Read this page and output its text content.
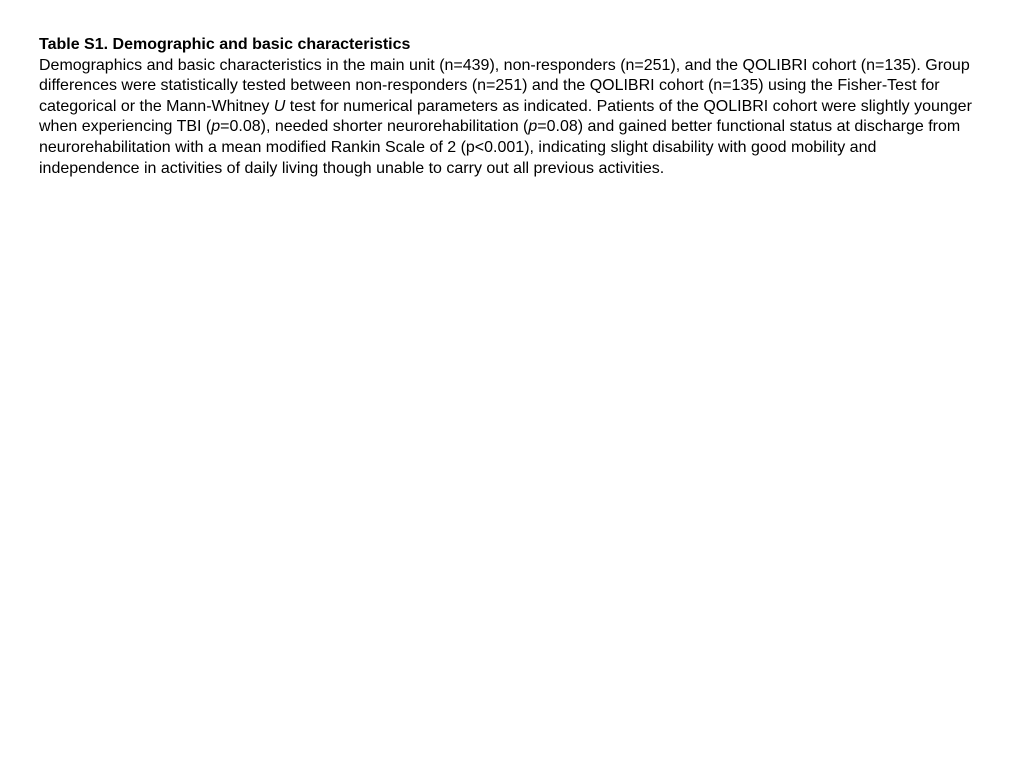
Table S1. Demographic and basic characteristics
Demographics and basic characteristics in the main unit (n=439), non-responders (n=251), and the QOLIBRI cohort (n=135). Group differences were statistically tested between non-responders (n=251) and the QOLIBRI cohort (n=135) using the Fisher-Test for categorical or the Mann-Whitney U test for numerical parameters as indicated. Patients of the QOLIBRI cohort were slightly younger when experiencing TBI (p=0.08), needed shorter neurorehabilitation (p=0.08) and gained better functional status at discharge from neurorehabilitation with a mean modified Rankin Scale of 2 (p<0.001), indicating slight disability with good mobility and independence in activities of daily living though unable to carry out all previous activities.
